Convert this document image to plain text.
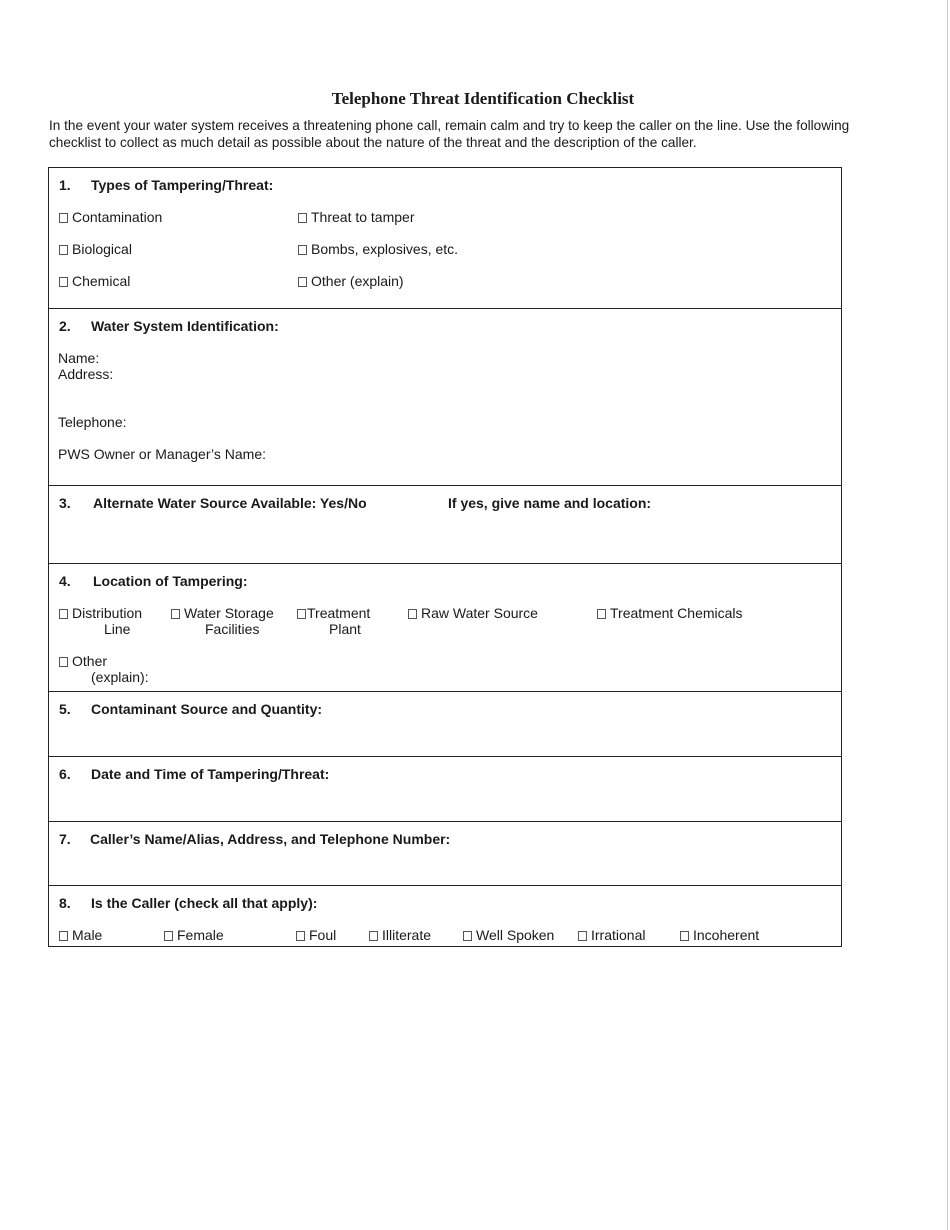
Telephone Threat Identification Checklist
In the event your water system receives a threatening phone call, remain calm and try to keep the caller on the line. Use the following checklist to collect as much detail as possible about the nature of the threat and the description of the caller.
1. Types of Tampering/Threat:
Contamination	Threat to tamper
Biological	Bombs, explosives, etc.
Chemical	Other (explain)
2. Water System Identification:
Name:
Address:
Telephone:
PWS Owner or Manager’s Name:
3. Alternate Water Source Available: Yes/No	If yes, give name and location:
4. Location of Tampering:
Distribution
Line
Water Storage
Facilities
Treatment
Plant
Raw Water Source	Treatment Chemicals
Other
(explain):
5. Contaminant Source and Quantity:
6. Date and Time of Tampering/Threat:
7. Caller’s Name/Alias, Address, and Telephone Number:
8. Is the Caller (check all that apply):
Male	Female	Foul	Illiterate	Well Spoken	Irrational	Incoherent
